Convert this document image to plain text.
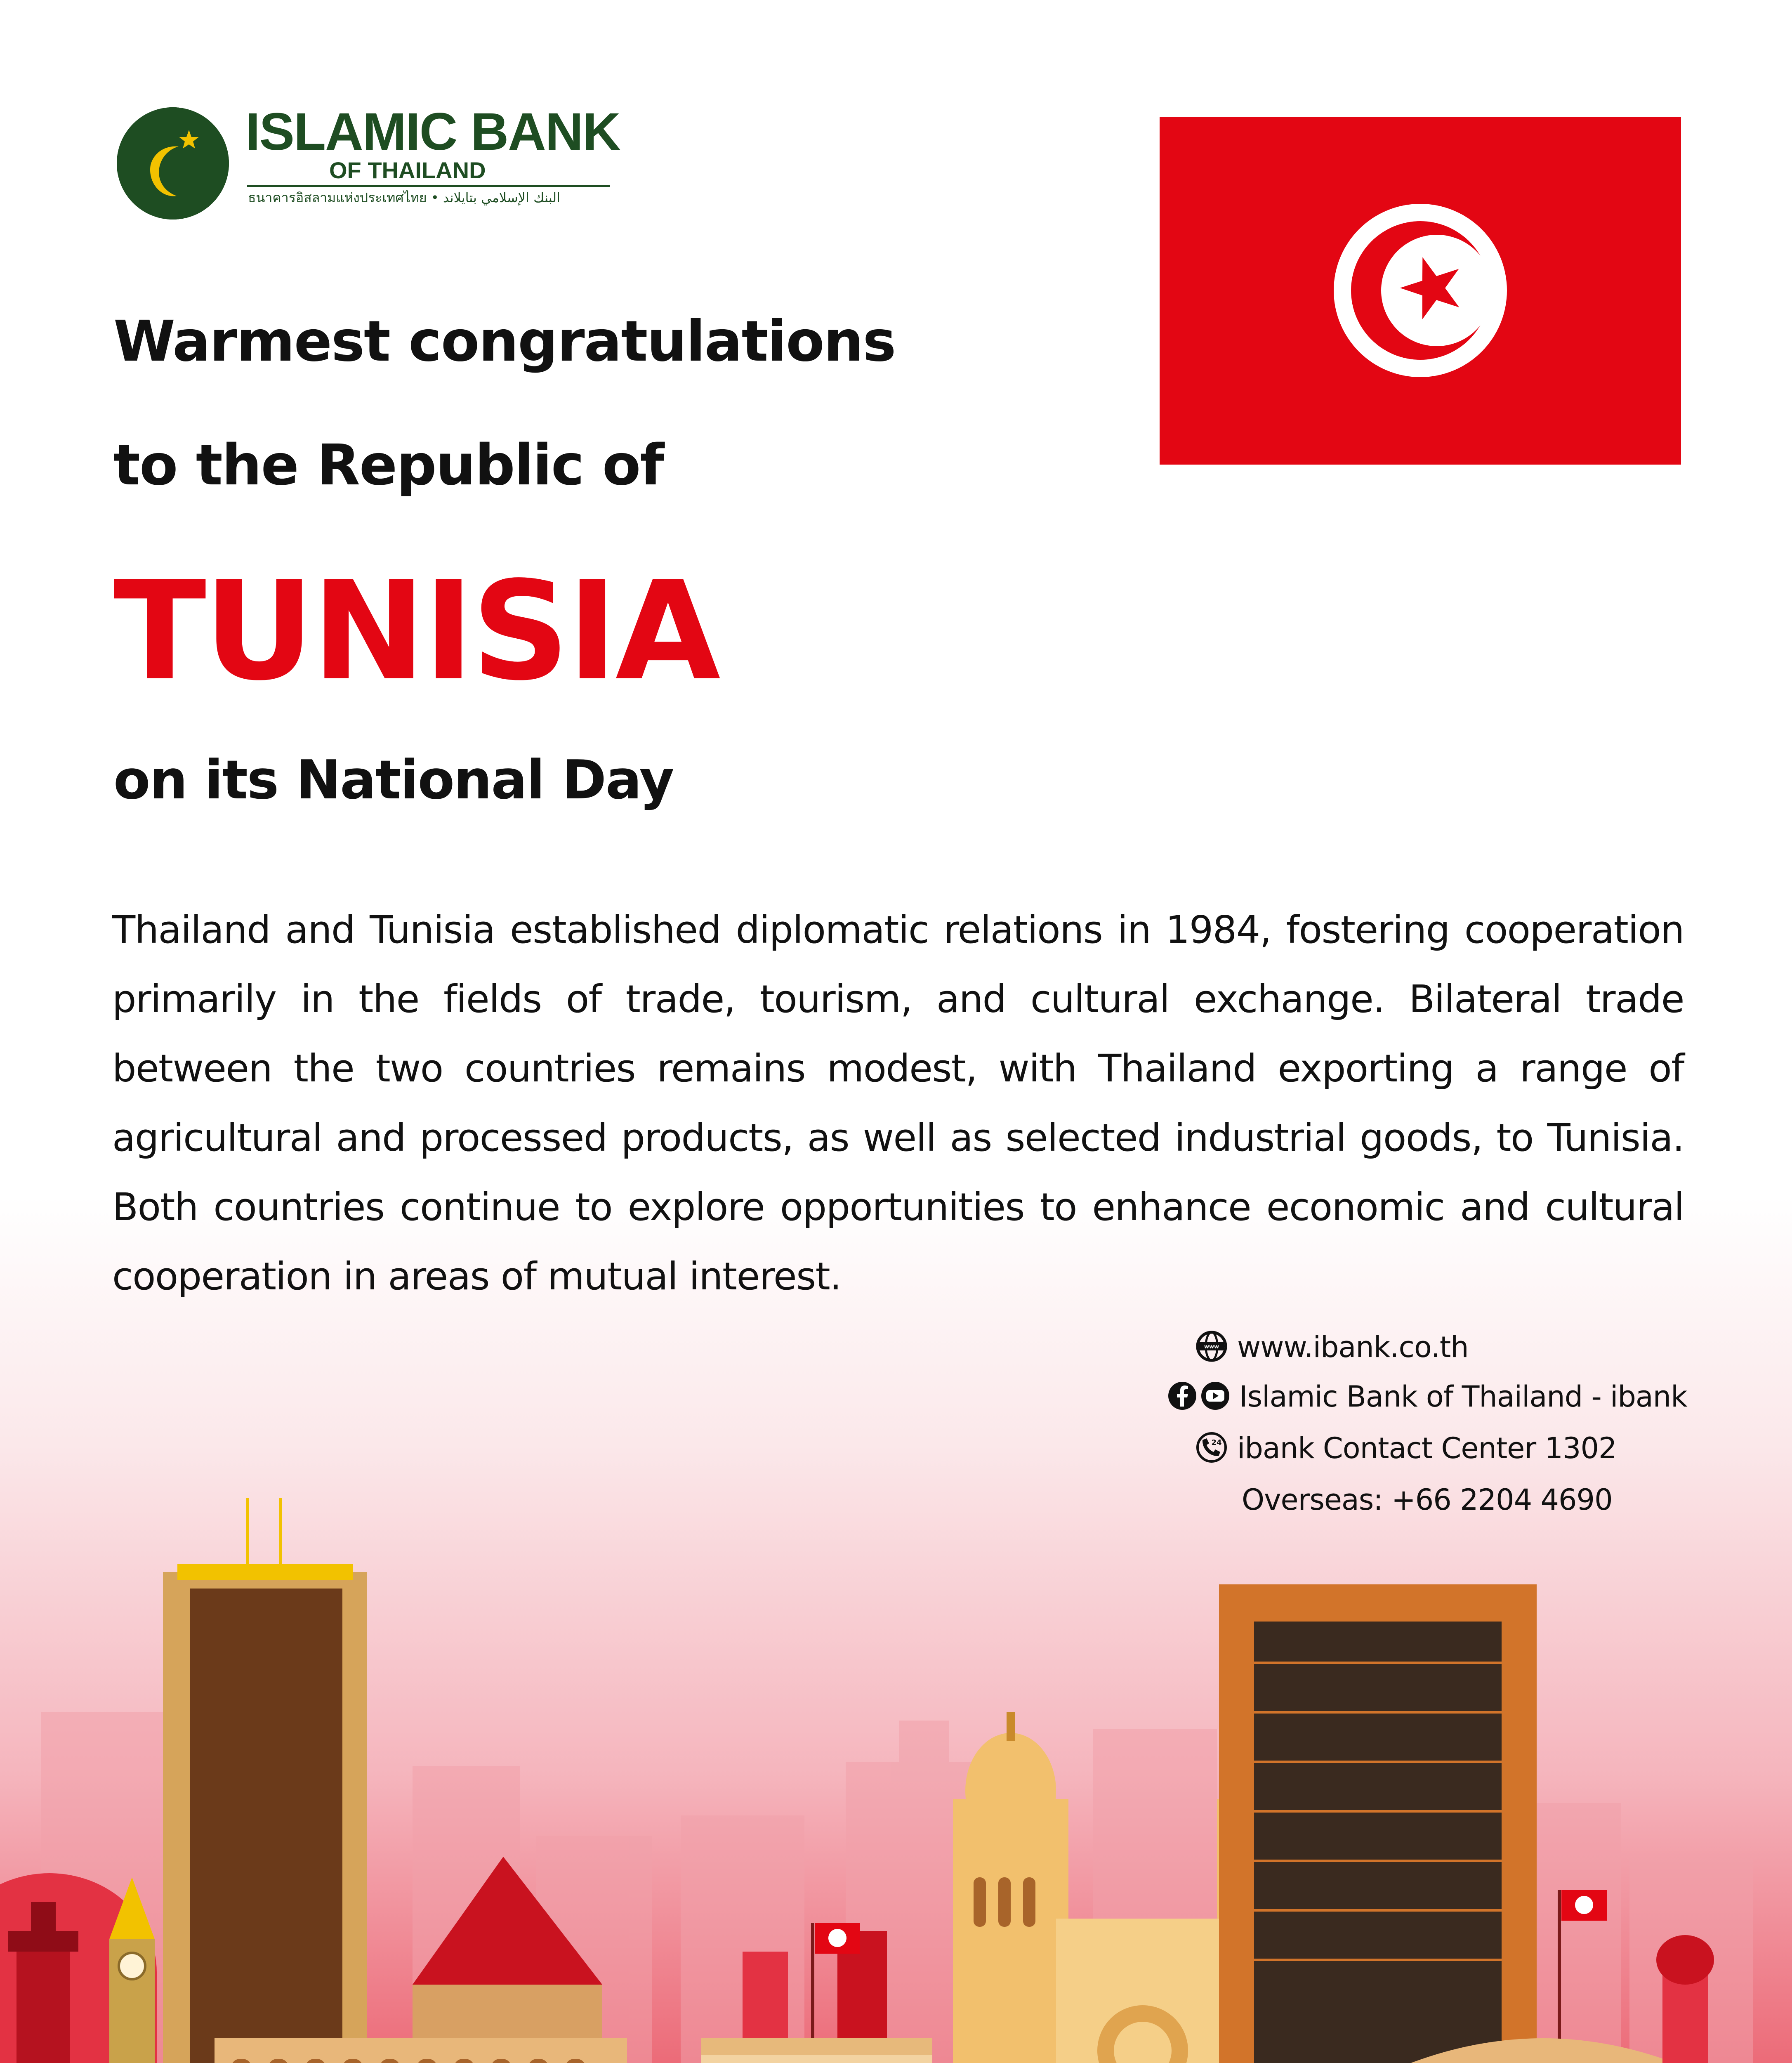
ISLAMIC BANK
OF THAILAND
ธนาคารอิสลามแห่งประเทศไทย • البنك الإسلامي بتايلاند
Warmest congratulations
to the Republic of
TUNISIA
on its National Day
Thailand and Tunisia established diplomatic relations in 1984, fostering cooperation primarily in the fields of trade, tourism, and cultural exchange. Bilateral trade between the two countries remains modest, with Thailand exporting a range of agricultural and processed products, as well as selected industrial goods, to Tunisia. Both countries continue to explore opportunities to enhance economic and cultural cooperation in areas of mutual interest.
www www.ibank.co.th
Islamic Bank of Thailand - ibank
24 ibank Contact Center 1302
Overseas: +66 2204 4690
